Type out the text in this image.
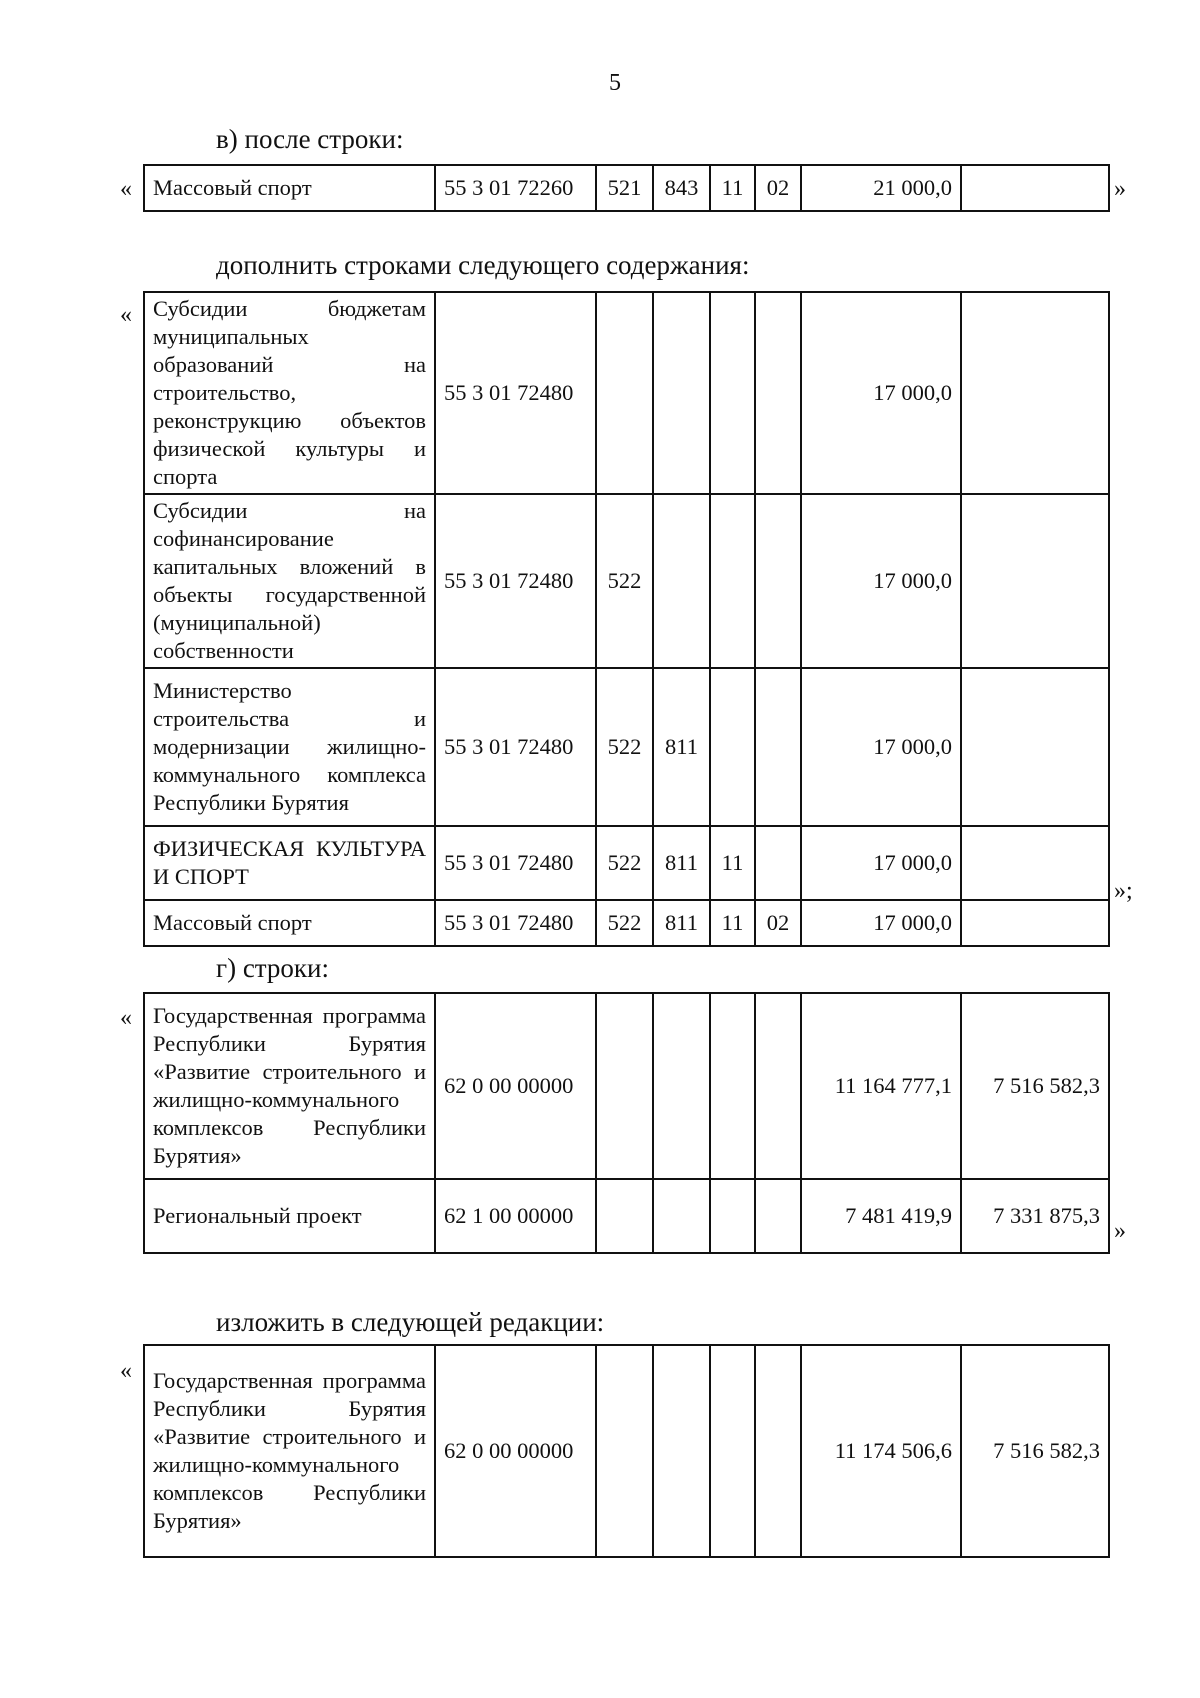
5
в) после строки:
« Массовый спорт	55 3 01 72260	521	843	11	02	21 000,0		»
дополнить строками следующего содержания:
« Субсидии бюджетам муниципальных образований на строительство, реконструкцию объектов физической культуры и спорта	55 3 01 72480					17 000,0	
Субсидии на софинансирование капитальных вложений в объекты государственной (муниципальной) собственности	55 3 01 72480	522				17 000,0	
Министерство строительства и модернизации жилищно-коммунального комплекса Республики Бурятия	55 3 01 72480	522	811			17 000,0	
ФИЗИЧЕСКАЯ КУЛЬТУРА И СПОРТ	55 3 01 72480	522	811	11		17 000,0	
Массовый спорт	55 3 01 72480	522	811	11	02	17 000,0	
»;
г) строки:
« Государственная программа Республики Бурятия «Развитие строительного и жилищно-коммунального комплексов Республики Бурятия»	62 0 00 00000					11 164 777,1	7 516 582,3
Региональный проект	62 1 00 00000					7 481 419,9	7 331 875,3
»
изложить в следующей редакции:
« Государственная программа Республики Бурятия «Развитие строительного и жилищно-коммунального комплексов Республики Бурятия»	62 0 00 00000					11 174 506,6	7 516 582,3
